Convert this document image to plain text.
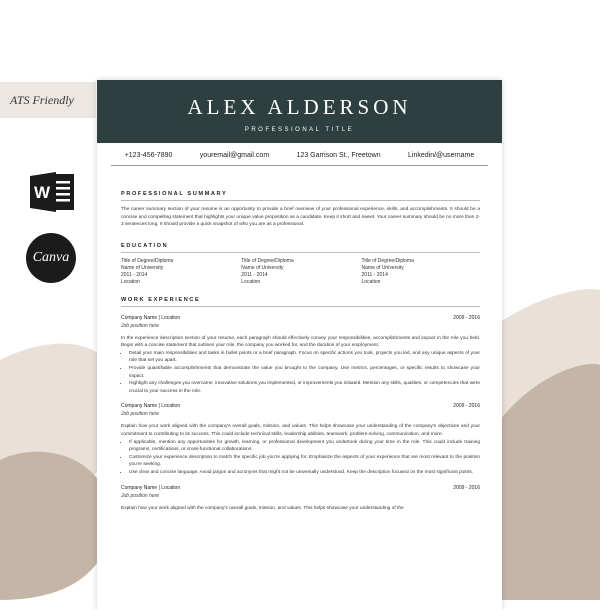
ATS Friendly
W
Canva
ALEX ALDERSON
PROFESSIONAL TITLE
+123-456-7890	youremail@gmail.com	123 Garrison St., Freetown	Linkedin/@username
PROFESSIONAL SUMMARY
The career summary section of your resume is an opportunity to provide a brief overview of your professional experience, skills, and accomplishments. It should be a concise and compelling statement that highlights your unique value proposition as a candidate. Keep it short and sweet. Your career summary should be no more than 2-3 sentences long. It should provide a quick snapshot of who you are as a professional.
EDUCATION
Title of Degree/Diploma
Name of University
2011 - 2014
Location
Title of Degree/Diploma
Name of University
2011 - 2014
Location
Title of Degree/Diploma
Name of University
2011 - 2014
Location
WORK EXPERIENCE
Company Name | Location	2009 - 2016
Job position here
In the experience description section of your resume, each paragraph should effectively convey your responsibilities, accomplishments and impact in the role you held. Begin with a concise statement that outlines your role, the company you worked for, and the duration of your employment.
• Detail your main responsibilities and tasks in bullet points or a brief paragraph. Focus on specific actions you took, projects you led, and any unique aspects of your role that set you apart.
• Provide quantifiable accomplishments that demonstrate the value you brought to the company. Use metrics, percentages, or specific results to showcase your impact.
• Highlight any challenges you overcame, innovative solutions you implemented, or improvements you initiated. Mention any skills, qualities, or competencies that were crucial to your success in the role.
Company Name | Location	2009 - 2016
Job position here
Explain how your work aligned with the company's overall goals, mission, and values. This helps showcase your understanding of the company's objectives and your commitment to contributing to its success. This could include technical skills, leadership abilities, teamwork, problem-solving, communication, and more.
• If applicable, mention any opportunities for growth, learning, or professional development you undertook during your time in the role. This could include training programs, certifications, or cross-functional collaborations.
• Customize your experience description to match the specific job you're applying for. Emphasize the aspects of your experience that are most relevant to the position you're seeking.
• Use clear and concise language. Avoid jargon and acronyms that might not be universally understood. Keep the description focused on the most significant points.
Company Name | Location	2009 - 2016
Job position here
Explain how your work aligned with the company's overall goals, mission, and values. This helps showcase your understanding of the
